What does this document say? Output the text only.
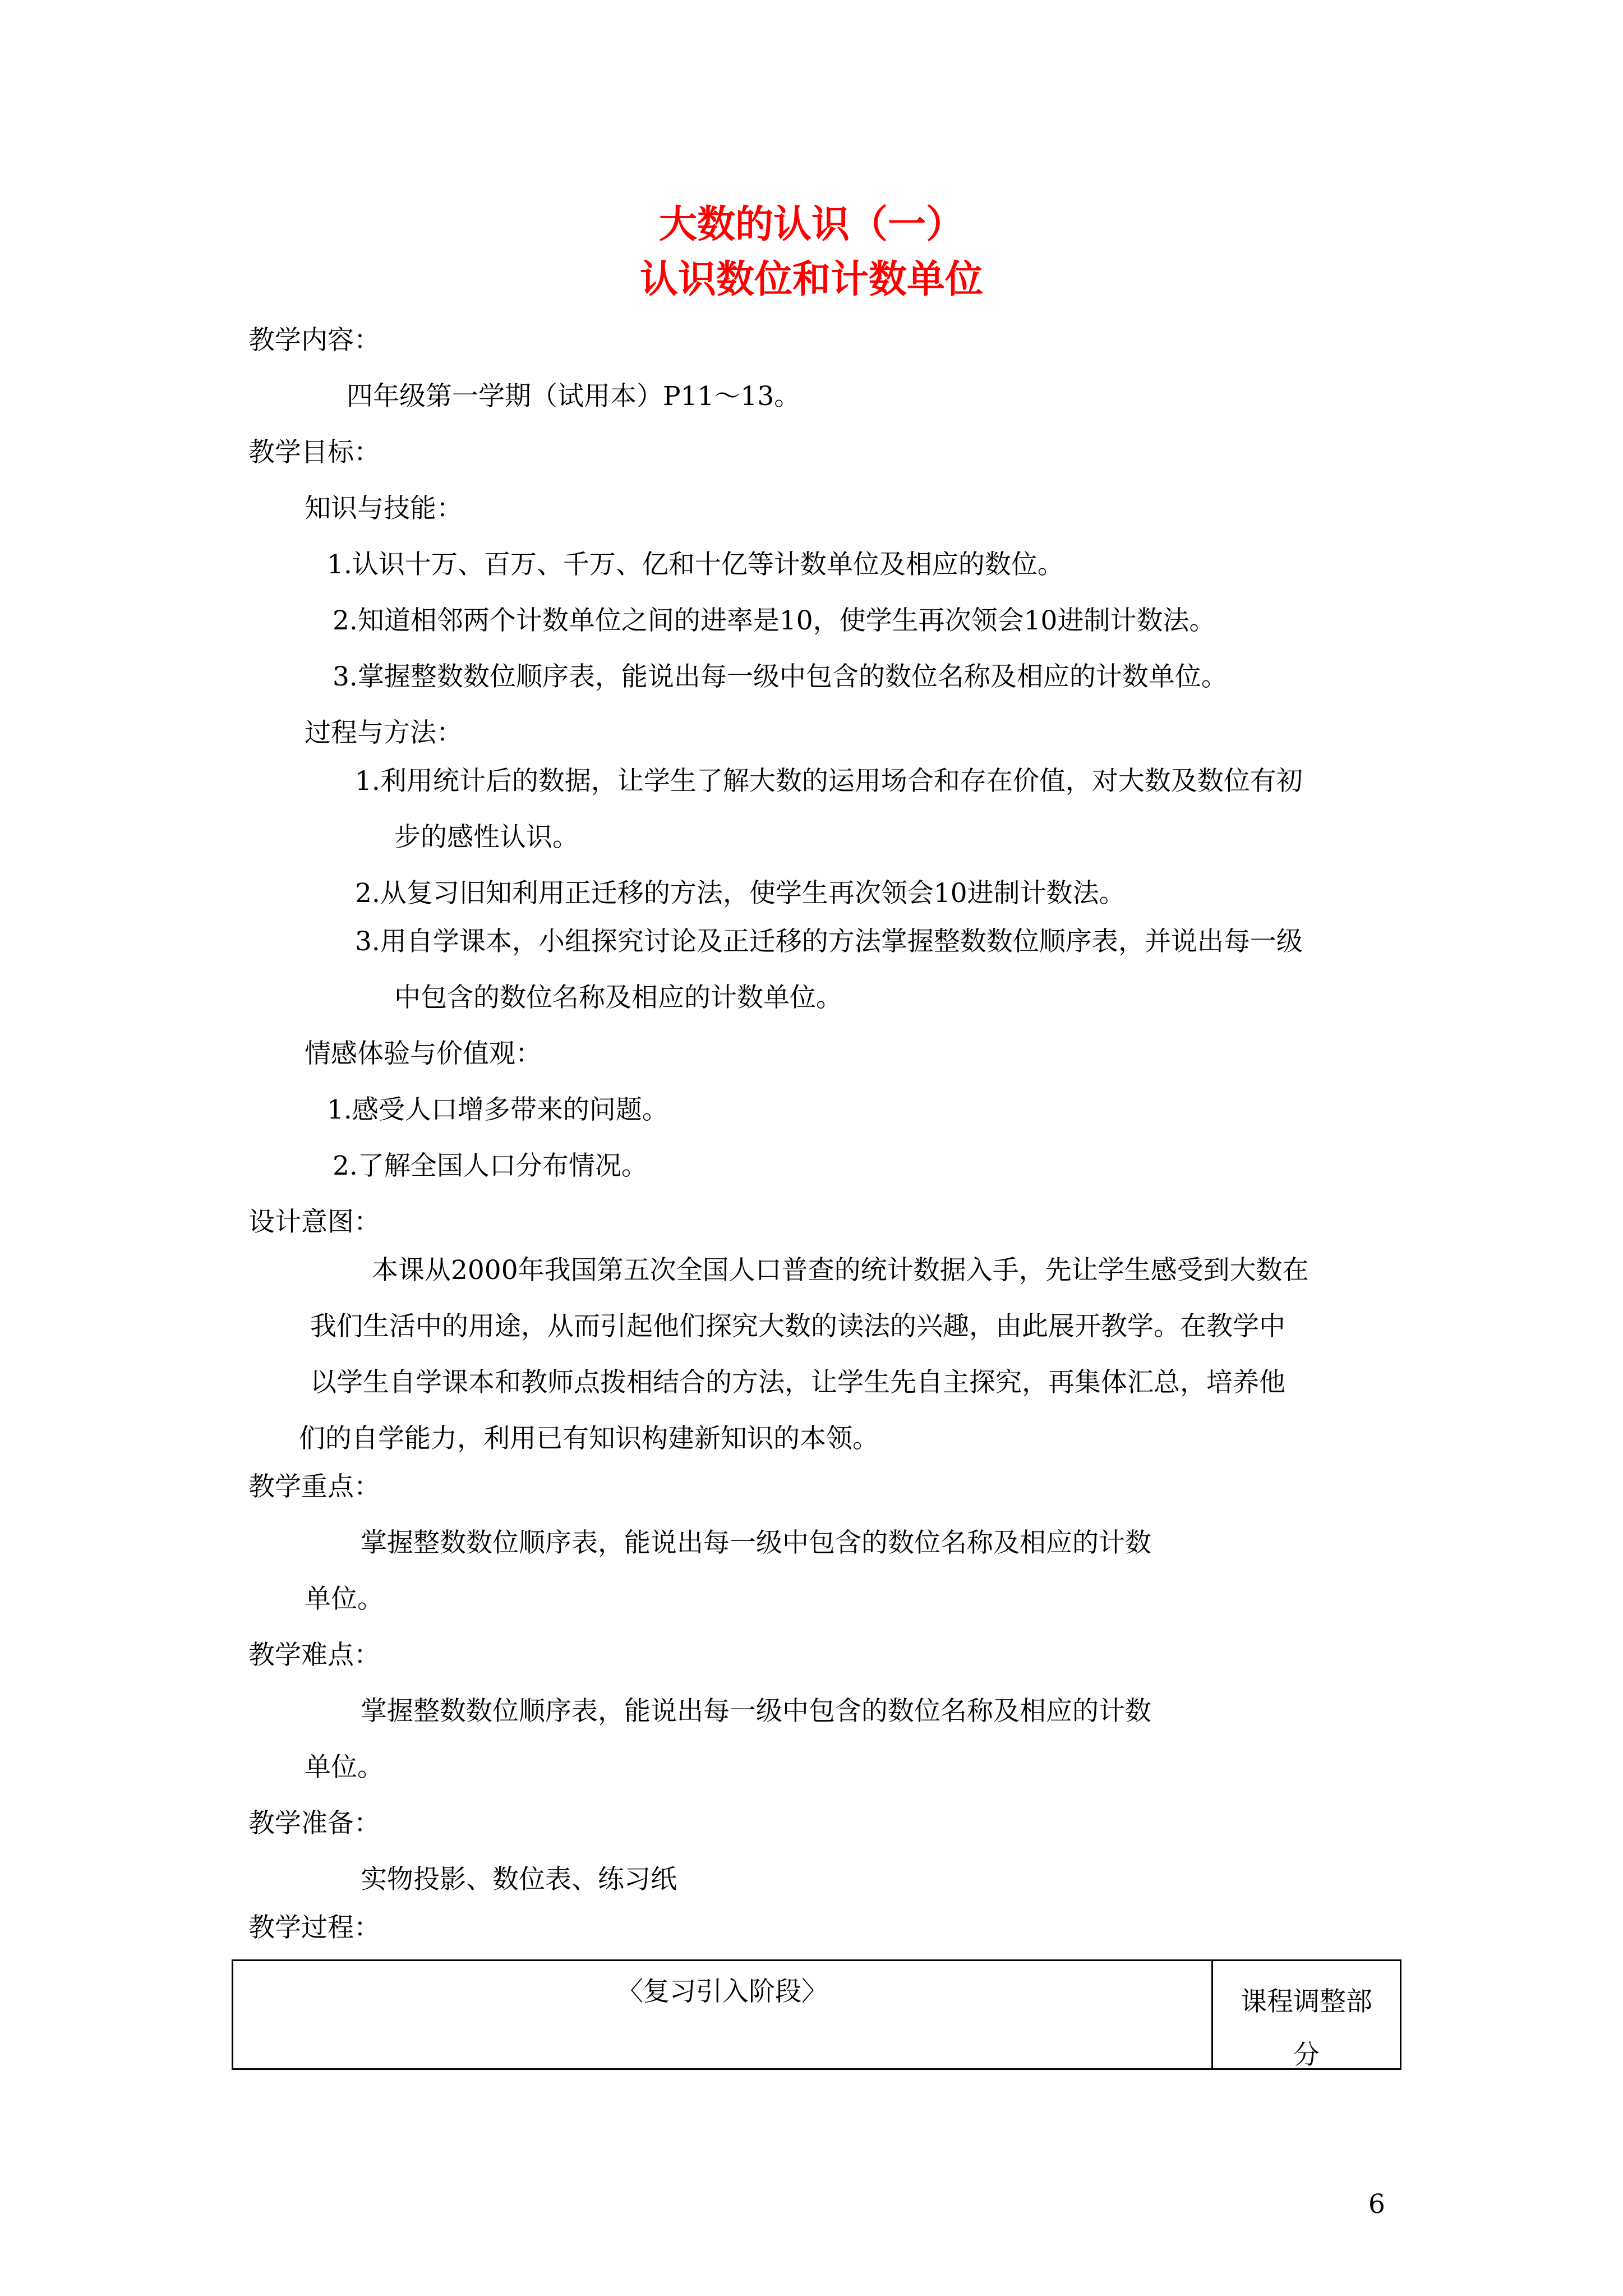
大数的认识（一）
认识数位和计数单位
教学内容：
四年级第一学期（试用本）P11～13。
教学目标：
知识与技能：
1.认识十万、百万、千万、亿和十亿等计数单位及相应的数位。
2.知道相邻两个计数单位之间的进率是10，使学生再次领会10进制计数法。
3.掌握整数数位顺序表，能说出每一级中包含的数位名称及相应的计数单位。
过程与方法：
1.利用统计后的数据，让学生了解大数的运用场合和存在价值，对大数及数位有初
步的感性认识。
2.从复习旧知利用正迁移的方法，使学生再次领会10进制计数法。
3.用自学课本，小组探究讨论及正迁移的方法掌握整数数位顺序表，并说出每一级
中包含的数位名称及相应的计数单位。
情感体验与价值观：
1.感受人口增多带来的问题。
2.了解全国人口分布情况。
设计意图：
本课从2000年我国第五次全国人口普查的统计数据入手，先让学生感受到大数在
我们生活中的用途，从而引起他们探究大数的读法的兴趣，由此展开教学。在教学中
以学生自学课本和教师点拨相结合的方法，让学生先自主探究，再集体汇总，培养他
们的自学能力，利用已有知识构建新知识的本领。
教学重点：
掌握整数数位顺序表，能说出每一级中包含的数位名称及相应的计数
单位。
教学难点：
掌握整数数位顺序表，能说出每一级中包含的数位名称及相应的计数
单位。
教学准备：
实物投影、数位表、练习纸
教学过程：
〈复习引入阶段〉	课程调整部分
6
